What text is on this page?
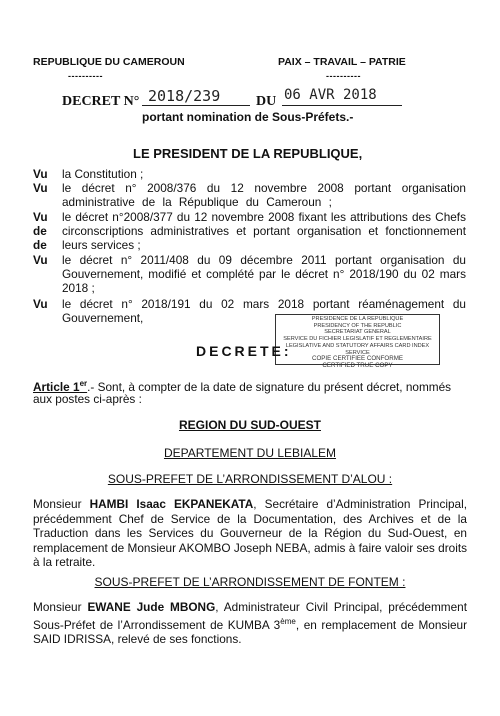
REPUBLIQUE DU CAMEROUN
----------
PAIX – TRAVAIL – PATRIE
----------
DECRET N° 2018/239	DU 06 AVR 2018
portant nomination de Sous-Préfets.-
LE PRESIDENT DE LA REPUBLIQUE,
Vu
Vu
Vu
de
de
Vu
Vu
la Constitution ;
le décret n° 2008/376 du 12 novembre 2008 portant organisation
administrative de la République du Cameroun ;
le décret n°2008/377 du 12 novembre 2008 fixant les attributions des Chefs
circonscriptions administratives et portant organisation et fonctionnement
leurs services ;
le décret n° 2011/408 du 09 décembre 2011 portant organisation du
Gouvernement, modifié et complété par le décret n° 2018/190 du 02 mars
2018 ;
le décret n° 2018/191 du 02 mars 2018 portant réaménagement du
Gouvernement,	PRESIDENCE DE LA REPUBLIQUE
PRESIDENCY OF THE REPUBLIC
SECRETARIAT GENERAL
SERVICE DU FICHIER LEGISLATIF ET REGLEMENTAIRE
LEGISLATIVE AND STATUTORY AFFAIRS CARD INDEX SERVICE
COPIE CERTIFIEE CONFORME
CERTIFIED TRUE COPY
DECRETE:
Article 1er.- Sont, à compter de la date de signature du présent décret, nommés
aux postes ci-après :
REGION DU SUD-OUEST
DEPARTEMENT DU LEBIALEM
SOUS-PREFET DE L’ARRONDISSEMENT D’ALOU :
Monsieur HAMBI Isaac EKPANEKATA, Secrétaire d’Administration Principal, précédemment Chef de Service de la Documentation, des Archives et de la Traduction dans les Services du Gouverneur de la Région du Sud-Ouest, en remplacement de Monsieur AKOMBO Joseph NEBA, admis à faire valoir ses droits à la retraite.
SOUS-PREFET DE L’ARRONDISSEMENT DE FONTEM :
Monsieur EWANE Jude MBONG, Administrateur Civil Principal, précédemment Sous-Préfet de l’Arrondissement de KUMBA 3ème, en remplacement de Monsieur SAID IDRISSA, relevé de ses fonctions.
